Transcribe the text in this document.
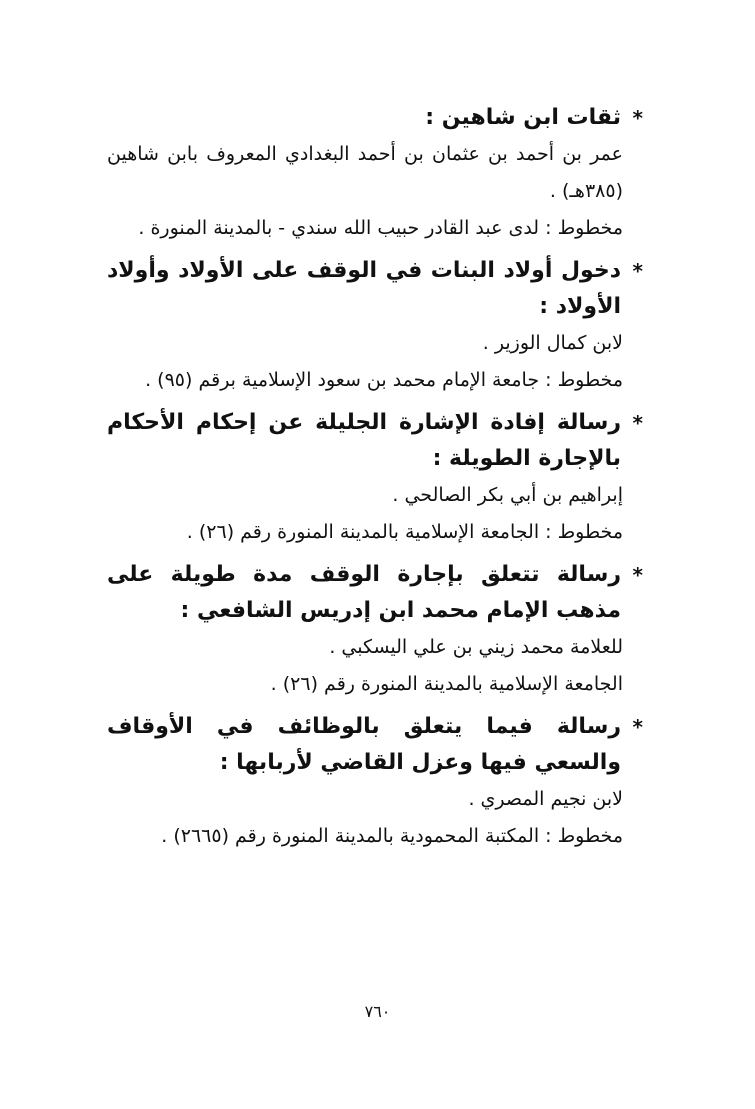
*
ثقات ابن شاهين :
عمر بن أحمد بن عثمان بن أحمد البغدادي المعروف بابن شاهين (٣٨٥هـ) .
مخطوط : لدى عبد القادر حبيب الله سندي - بالمدينة المنورة .
*
دخول أولاد البنات في الوقف على الأولاد وأولاد الأولاد :
لابن كمال الوزير .
مخطوط : جامعة الإمام محمد بن سعود الإسلامية برقم (٩٥) .
*
رسالة إفادة الإشارة الجليلة عن إحكام الأحكام بالإجارة الطويلة :
إبراهيم بن أبي بكر الصالحي .
مخطوط : الجامعة الإسلامية بالمدينة المنورة رقم (٢٦) .
*
رسالة تتعلق بإجارة الوقف مدة طويلة على مذهب الإمام محمد ابن إدريس الشافعي :
للعلامة محمد زيني بن علي اليسكبي .
الجامعة الإسلامية بالمدينة المنورة رقم (٢٦) .
*
رسالة فيما يتعلق بالوظائف في الأوقاف والسعي فيها وعزل القاضي لأربابها :
لابن نجيم المصري .
مخطوط : المكتبة المحمودية بالمدينة المنورة رقم (٢٦٦٥) .
٧٦٠
